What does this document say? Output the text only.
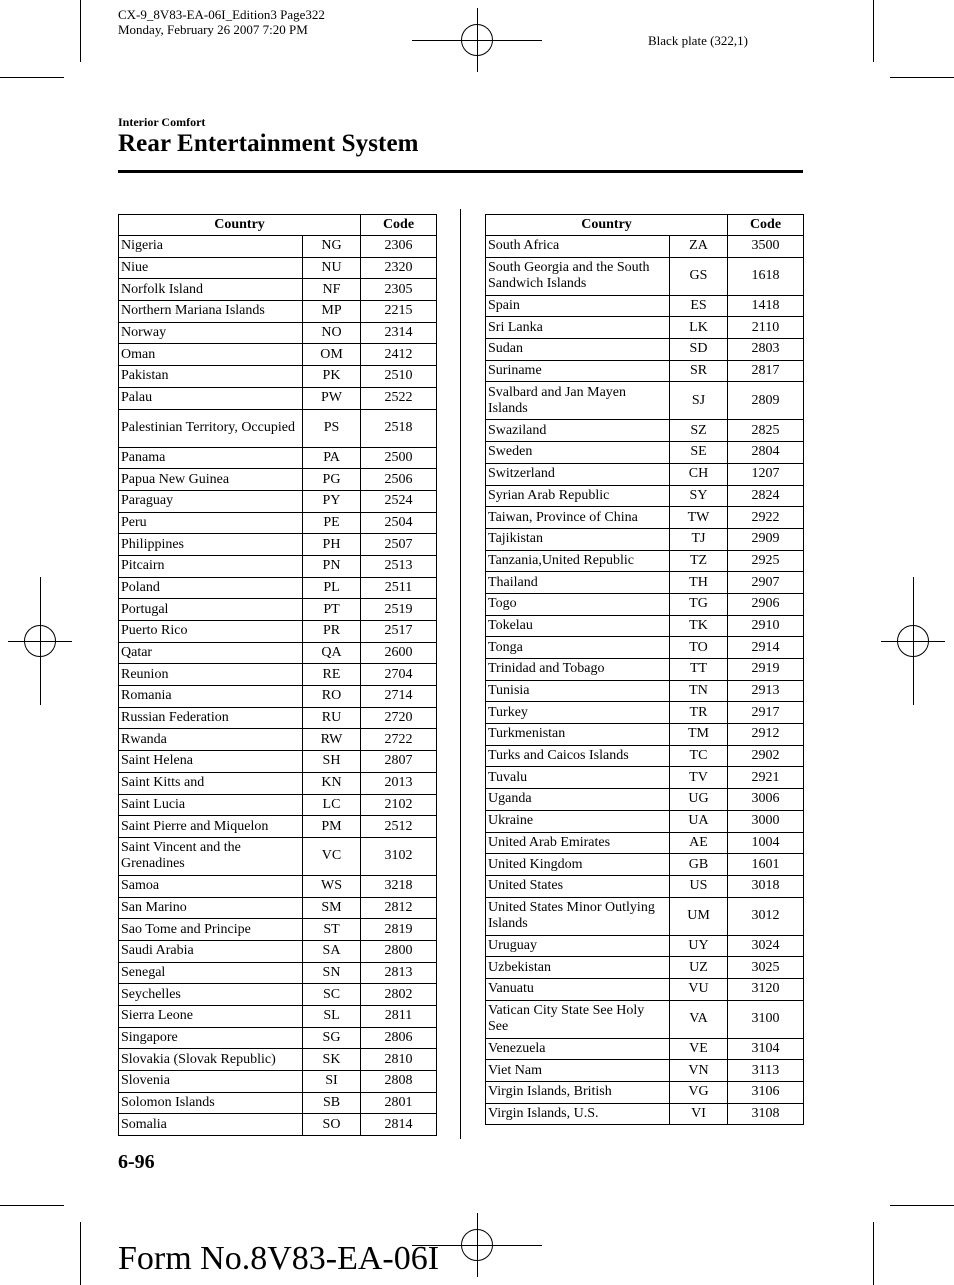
CX-9_8V83-EA-06I_Edition3 Page322
Monday, February 26 2007 7:20 PM
Black plate (322,1)
Interior Comfort
Rear Entertainment System
Country		Code
Nigeria	NG	2306
Niue	NU	2320
Norfolk Island	NF	2305
Northern Mariana Islands	MP	2215
Norway	NO	2314
Oman	OM	2412
Pakistan	PK	2510
Palau	PW	2522
Palestinian Territory, Occupied	PS	2518
Panama	PA	2500
Papua New Guinea	PG	2506
Paraguay	PY	2524
Peru	PE	2504
Philippines	PH	2507
Pitcairn	PN	2513
Poland	PL	2511
Portugal	PT	2519
Puerto Rico	PR	2517
Qatar	QA	2600
Reunion	RE	2704
Romania	RO	2714
Russian Federation	RU	2720
Rwanda	RW	2722
Saint Helena	SH	2807
Saint Kitts and	KN	2013
Saint Lucia	LC	2102
Saint Pierre and Miquelon	PM	2512
Saint Vincent and the Grenadines	VC	3102
Samoa	WS	3218
San Marino	SM	2812
Sao Tome and Principe	ST	2819
Saudi Arabia	SA	2800
Senegal	SN	2813
Seychelles	SC	2802
Sierra Leone	SL	2811
Singapore	SG	2806
Slovakia (Slovak Republic)	SK	2810
Slovenia	SI	2808
Solomon Islands	SB	2801
Somalia	SO	2814
Country		Code
South Africa	ZA	3500
South Georgia and the South Sandwich Islands	GS	1618
Spain	ES	1418
Sri Lanka	LK	2110
Sudan	SD	2803
Suriname	SR	2817
Svalbard and Jan Mayen Islands	SJ	2809
Swaziland	SZ	2825
Sweden	SE	2804
Switzerland	CH	1207
Syrian Arab Republic	SY	2824
Taiwan, Province of China	TW	2922
Tajikistan	TJ	2909
Tanzania,United Republic	TZ	2925
Thailand	TH	2907
Togo	TG	2906
Tokelau	TK	2910
Tonga	TO	2914
Trinidad and Tobago	TT	2919
Tunisia	TN	2913
Turkey	TR	2917
Turkmenistan	TM	2912
Turks and Caicos Islands	TC	2902
Tuvalu	TV	2921
Uganda	UG	3006
Ukraine	UA	3000
United Arab Emirates	AE	1004
United Kingdom	GB	1601
United States	US	3018
United States Minor Outlying Islands	UM	3012
Uruguay	UY	3024
Uzbekistan	UZ	3025
Vanuatu	VU	3120
Vatican City State See Holy See	VA	3100
Venezuela	VE	3104
Viet Nam	VN	3113
Virgin Islands, British	VG	3106
Virgin Islands, U.S.	VI	3108
6-96
Form No.8V83-EA-06I
